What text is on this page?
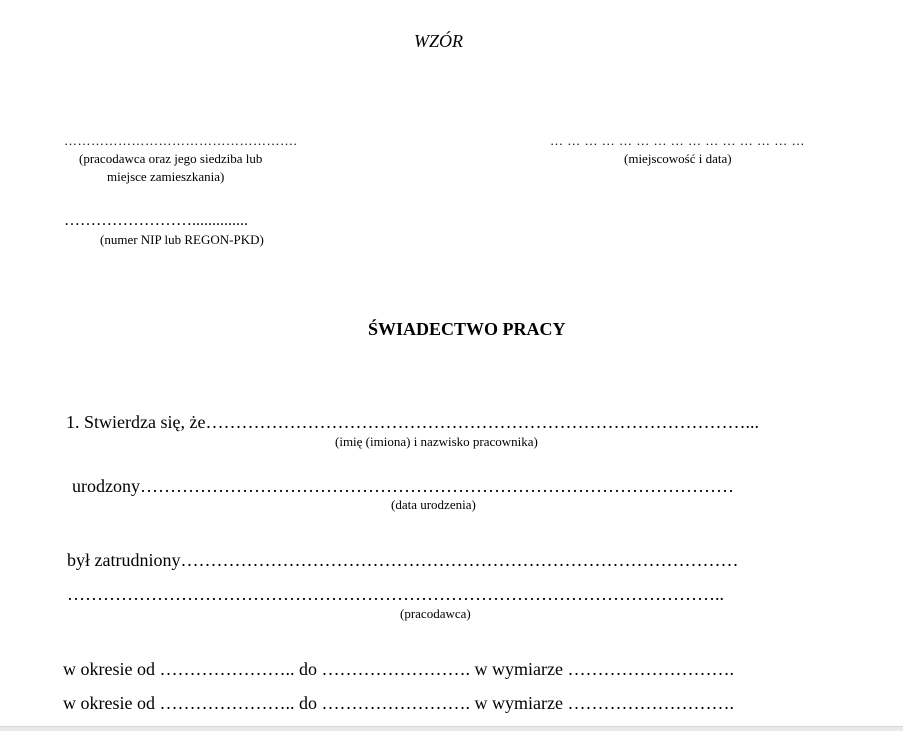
WZÓR
…………………………………………….
(pracodawca oraz jego siedziba lub
miejsce zamieszkania)
… … … … … … … … … … … … … … …
(miejscowość i data)
……………………..............
(numer NIP lub REGON-PKD)
ŚWIADECTWO PRACY
1. Stwierdza się, że………………………………………………………………………………...
(imię (imiona) i nazwisko pracownika)
urodzony………………………………………………………………………………………
(data urodzenia)
był zatrudniony…………………………………………………………………………………
………………………………………………………………………………………………..
(pracodawca)
w okresie od ………………….. do ……………………. w wymiarze ……………………….
w okresie od ………………….. do ……………………. w wymiarze ……………………….
